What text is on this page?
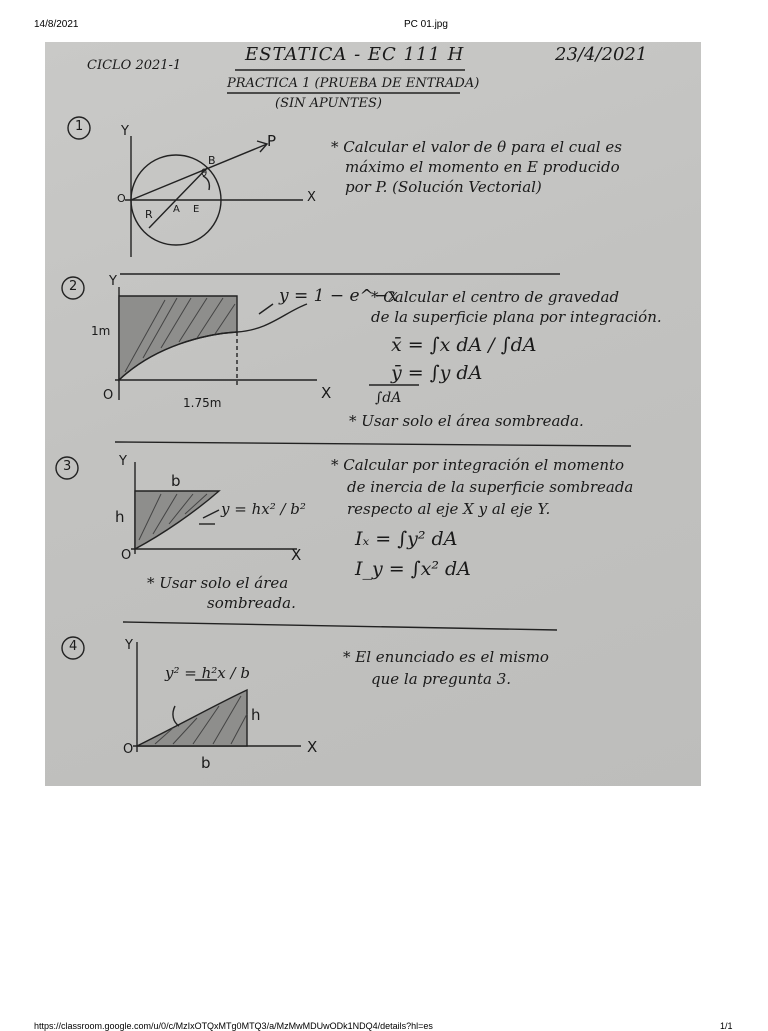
14/8/2021	PC 01.jpg
CICLO 2021-1
ESTATICA - EC 111 H	23/4/2021
PRACTICA 1 (PRUEBA DE ENTRADA)
(SIN APUNTES)
1
2
3
4
Y
X
O
P
B
θ
R A E
* Calcular el valor de θ para el cual es
máximo el momento en E producido
por P. (Solución Vectorial)
Y
X
O
1m
1.75m
y = 1 − e^−x
* Calcular el centro de gravedad
de la superficie plana por integración.
x̄ = ∫x dA / ∫dA
ȳ = ∫y dA
∫dA
* Usar solo el área sombreada.
Y
X
O
b
h	y = hx² / b²
* Calcular por integración el momento
de inercia de la superficie sombreada
respecto al eje X y al eje Y.
Iₓ = ∫y² dA
I_y = ∫x² dA
* Usar solo el área
sombreada.
Y
X
O
b
h
y² = h²x / b
* El enunciado es el mismo
que la pregunta 3.
https://classroom.google.com/u/0/c/MzIxOTQxMTg0MTQ3/a/MzMwMDUwODk1NDQ4/details?hl=es	1/1
